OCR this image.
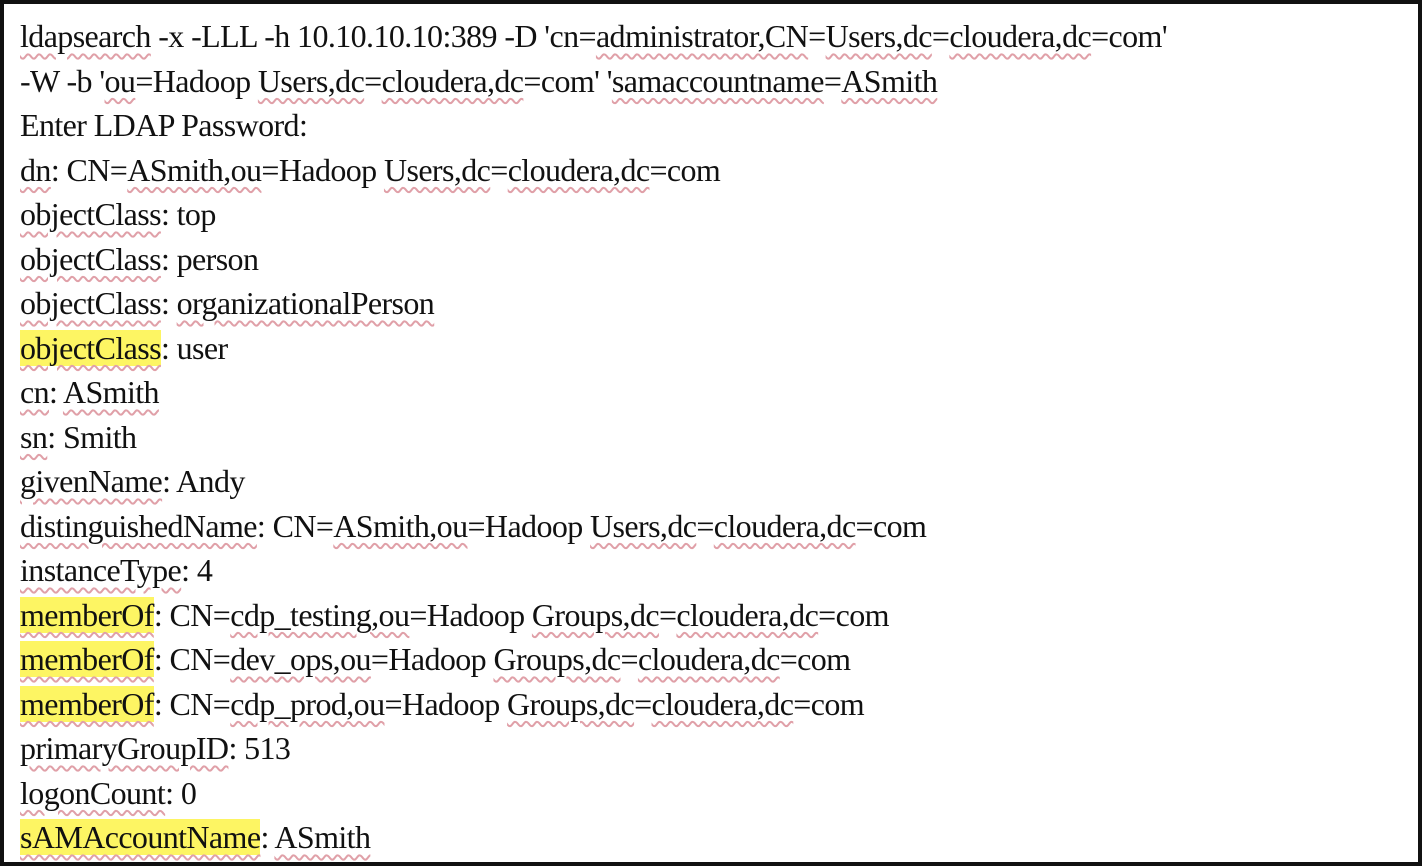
ldapsearch -x -LLL -h 10.10.10.10:389 -D 'cn=administrator,CN=Users,dc=cloudera,dc=com'
-W -b 'ou=Hadoop Users,dc=cloudera,dc=com' 'samaccountname=ASmith
Enter LDAP Password:
dn: CN=ASmith,ou=Hadoop Users,dc=cloudera,dc=com
objectClass: top
objectClass: person
objectClass: organizationalPerson
objectClass: user
cn: ASmith
sn: Smith
givenName: Andy
distinguishedName: CN=ASmith,ou=Hadoop Users,dc=cloudera,dc=com
instanceType: 4
memberOf: CN=cdp_testing,ou=Hadoop Groups,dc=cloudera,dc=com
memberOf: CN=dev_ops,ou=Hadoop Groups,dc=cloudera,dc=com
memberOf: CN=cdp_prod,ou=Hadoop Groups,dc=cloudera,dc=com
primaryGroupID: 513
logonCount: 0
sAMAccountName: ASmith
